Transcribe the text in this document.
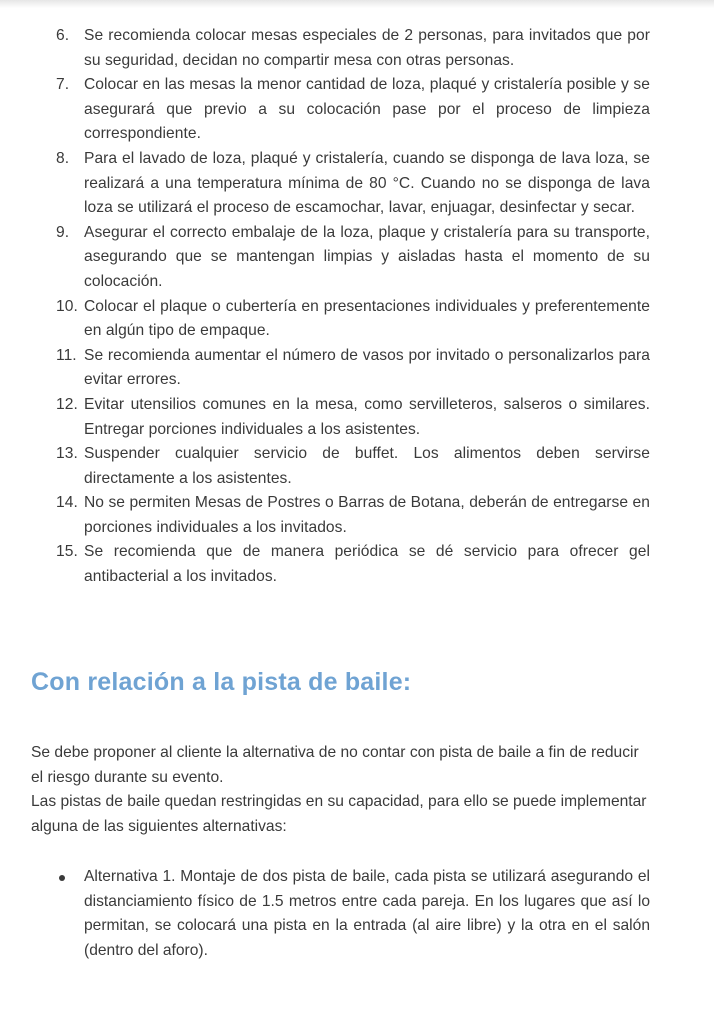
6. Se recomienda colocar mesas especiales de 2 personas, para invitados que por su seguridad, decidan no compartir mesa con otras personas.
7. Colocar en las mesas la menor cantidad de loza, plaqué y cristalería posible y se asegurará que previo a su colocación pase por el proceso de limpieza correspondiente.
8. Para el lavado de loza, plaqué y cristalería, cuando se disponga de lava loza, se realizará a una temperatura mínima de 80 °C. Cuando no se disponga de lava loza se utilizará el proceso de escamochar, lavar, enjuagar, desinfectar y secar.
9. Asegurar el correcto embalaje de la loza, plaque y cristalería para su transporte, asegurando que se mantengan limpias y aisladas hasta el momento de su colocación.
10. Colocar el plaque o cubertería en presentaciones individuales y preferentemente en algún tipo de empaque.
11. Se recomienda aumentar el número de vasos por invitado o personalizarlos para evitar errores.
12. Evitar utensilios comunes en la mesa, como servilleteros, salseros o similares. Entregar porciones individuales a los asistentes.
13. Suspender cualquier servicio de buffet. Los alimentos deben servirse directamente a los asistentes.
14. No se permiten Mesas de Postres o Barras de Botana, deberán de entregarse en porciones individuales a los invitados.
15. Se recomienda que de manera periódica se dé servicio para ofrecer gel antibacterial a los invitados.
Con relación a la pista de baile:

Se debe proponer al cliente la alternativa de no contar con pista de baile a fin de reducir el riesgo durante su evento.

Las pistas de baile quedan restringidas en su capacidad, para ello se puede implementar alguna de las siguientes alternativas:

Alternativa 1. Montaje de dos pista de baile, cada pista se utilizará asegurando el distanciamiento físico de 1.5 metros entre cada pareja. En los lugares que así lo permitan, se colocará una pista en la entrada (al aire libre) y la otra en el salón (dentro del aforo).
